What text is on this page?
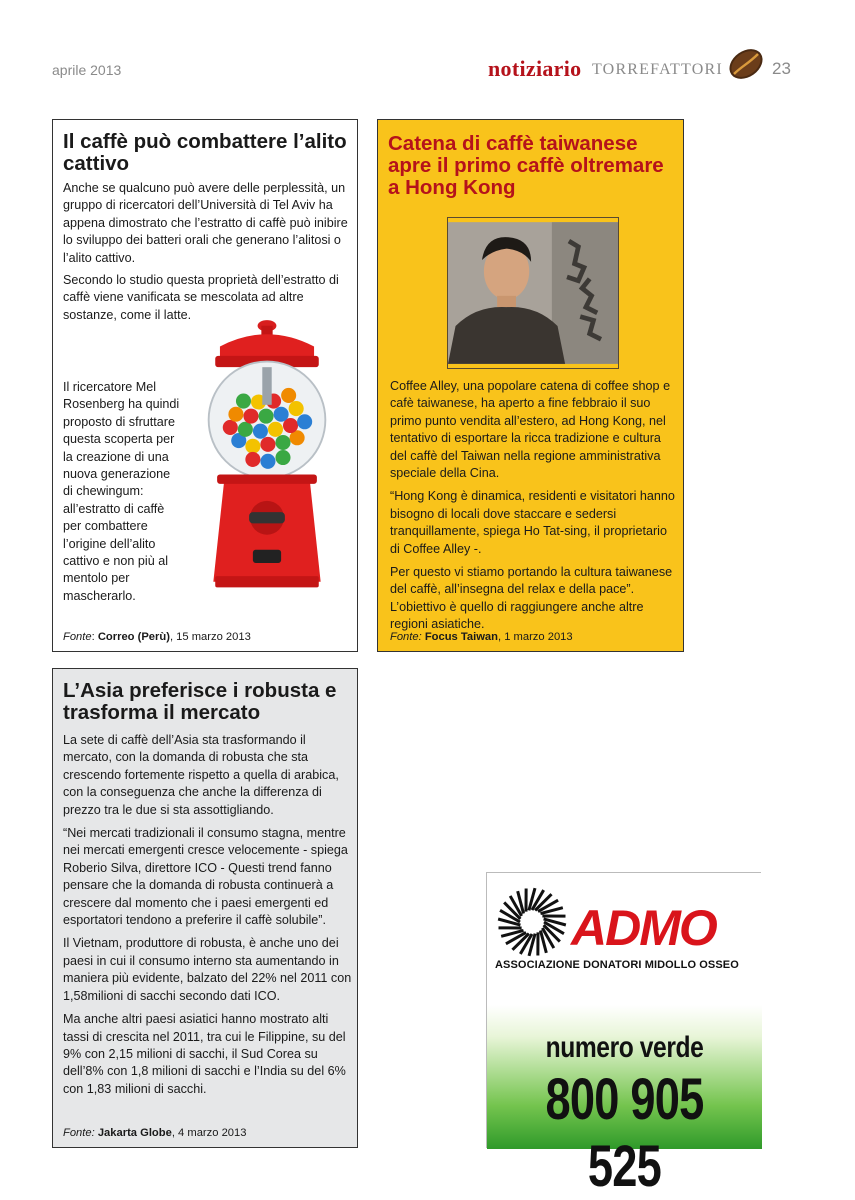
aprile 2013	notiziario TORREFATTORI	23
Il caffè può combattere l’alito cattivo

Anche se qualcuno può avere delle perplessità, un gruppo di ricercatori dell’Università di Tel Aviv ha appena dimostrato che l’estratto di caffè può inibire lo sviluppo dei batteri orali che generano l’alitosi o l’alito cattivo.

Secondo lo studio questa proprietà dell’estratto di caffè viene vanificata se mescolata ad altre sostanze, come il latte.

Il ricercatore Mel Rosenberg ha quindi proposto di sfruttare questa scoperta per la creazione di una nuova generazione di chewingum: all’estratto di caffè per combattere l’origine dell’alito cattivo e non più al mentolo per mascherarlo.

Fonte: Correo (Perù), 15 marzo 2013
Catena di caffè taiwanese apre il primo caffè oltremare a Hong Kong

Coffee Alley, una popolare catena di coffee shop e cafè taiwanese, ha aperto a fine febbraio il suo primo punto vendita all’estero, ad Hong Kong, nel tentativo di esportare la ricca tradizione e cultura del caffè del Taiwan nella regione amministrativa speciale della Cina.

“Hong Kong è dinamica, residenti e visitatori hanno bisogno di locali dove staccare e sedersi tranquillamente, spiega Ho Tat-sing, il proprietario di Coffee Alley -.

Per questo vi stiamo portando la cultura taiwanese del caffè, all’insegna del relax e della pace”. L’obiettivo è quello di raggiungere anche altre regioni asiatiche.

Fonte: Focus Taiwan, 1 marzo 2013
L’Asia preferisce i robusta e trasforma il mercato

La sete di caffè dell’Asia sta trasformando il mercato, con la domanda di robusta che sta crescendo fortemente rispetto a quella di arabica, con la conseguenza che anche la differenza di prezzo tra le due si sta assottigliando.

“Nei mercati tradizionali il consumo stagna, mentre nei mercati emergenti cresce velocemente - spiega Roberio Silva, direttore ICO - Questi trend fanno pensare che la domanda di robusta continuerà a crescere dal momento che i paesi emergenti ed esportatori tendono a preferire il caffè solubile”.

Il Vietnam, produttore di robusta, è anche uno dei paesi in cui il consumo interno sta aumentando in maniera più evidente, balzato del 22% nel 2011 con 1,58milioni di sacchi secondo dati ICO.

Ma anche altri paesi asiatici hanno mostrato alti tassi di crescita nel 2011, tra cui le Filippine, su del 9% con 2,15 milioni di sacchi, il Sud Corea su dell’8% con 1,8 milioni di sacchi e l’India su del 6% con 1,83 milioni di sacchi.

Fonte: Jakarta Globe, 4 marzo 2013
ADMO
ASSOCIAZIONE DONATORI MIDOLLO OSSEO
numero verde
800 905 525
